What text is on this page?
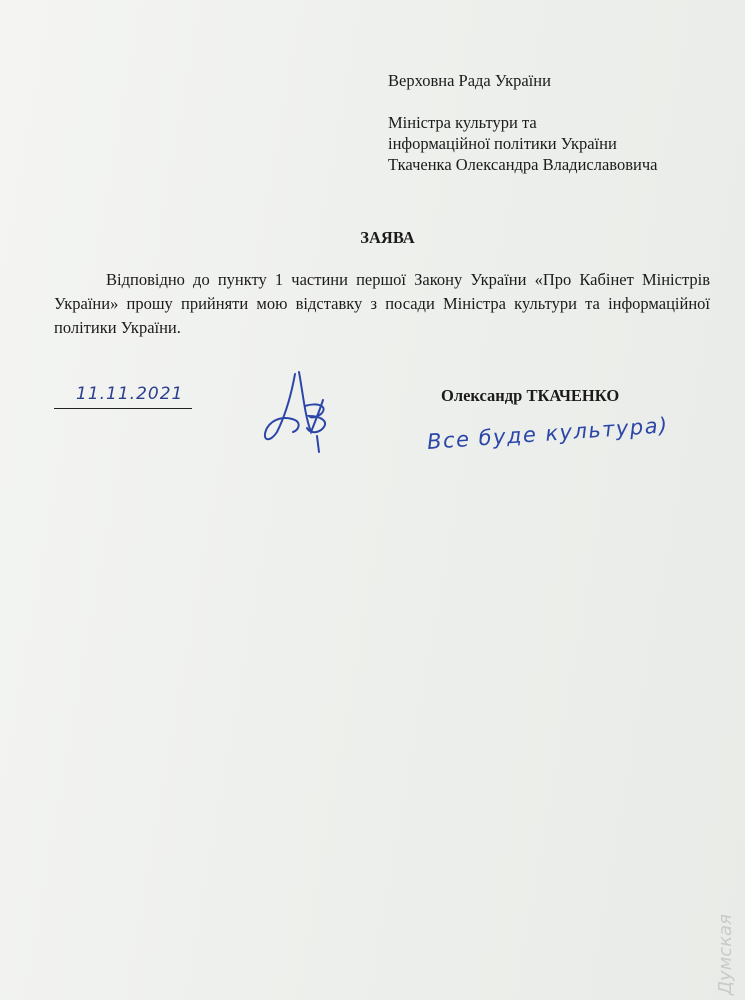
Верховна Рада України
Міністра культури та
інформаційної політики України
Ткаченка Олександра Владиславовича
ЗАЯВА
Відповідно до пункту 1 частини першої Закону України «Про Кабінет Міністрів України» прошу прийняти мою відставку з посади Міністра культури та інформаційної політики України.
11.11.2021	Олександр ТКАЧЕНКО
Все буде культура)
Думская
